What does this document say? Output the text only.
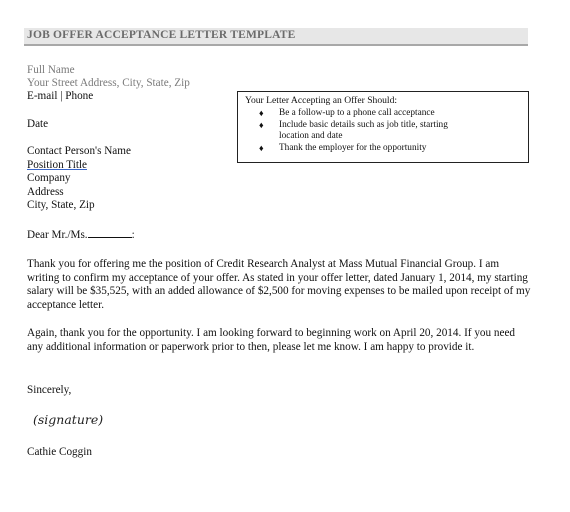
JOB OFFER ACCEPTANCE LETTER TEMPLATE
Full Name
Your Street Address, City, State, Zip
E-mail | Phone
Date
Contact Person's Name
Position Title
Company
Address
City, State, Zip
Dear Mr./Ms.	:
Thank you for offering me the position of Credit Research Analyst at Mass Mutual Financial Group. I am writing to confirm my acceptance of your offer. As stated in your offer letter, dated January 1, 2014, my starting salary will be $35,525, with an added allowance of $2,500 for moving expenses to be mailed upon receipt of my acceptance letter.
Again, thank you for the opportunity. I am looking forward to beginning work on April 20, 2014. If you need any additional information or paperwork prior to then, please let me know. I am happy to provide it.
Sincerely,
(signature)
Cathie Coggin
Your Letter Accepting an Offer Should:
♦ Be a follow-up to a phone call acceptance
♦ Include basic details such as job title, starting location and date
♦ Thank the employer for the opportunity
